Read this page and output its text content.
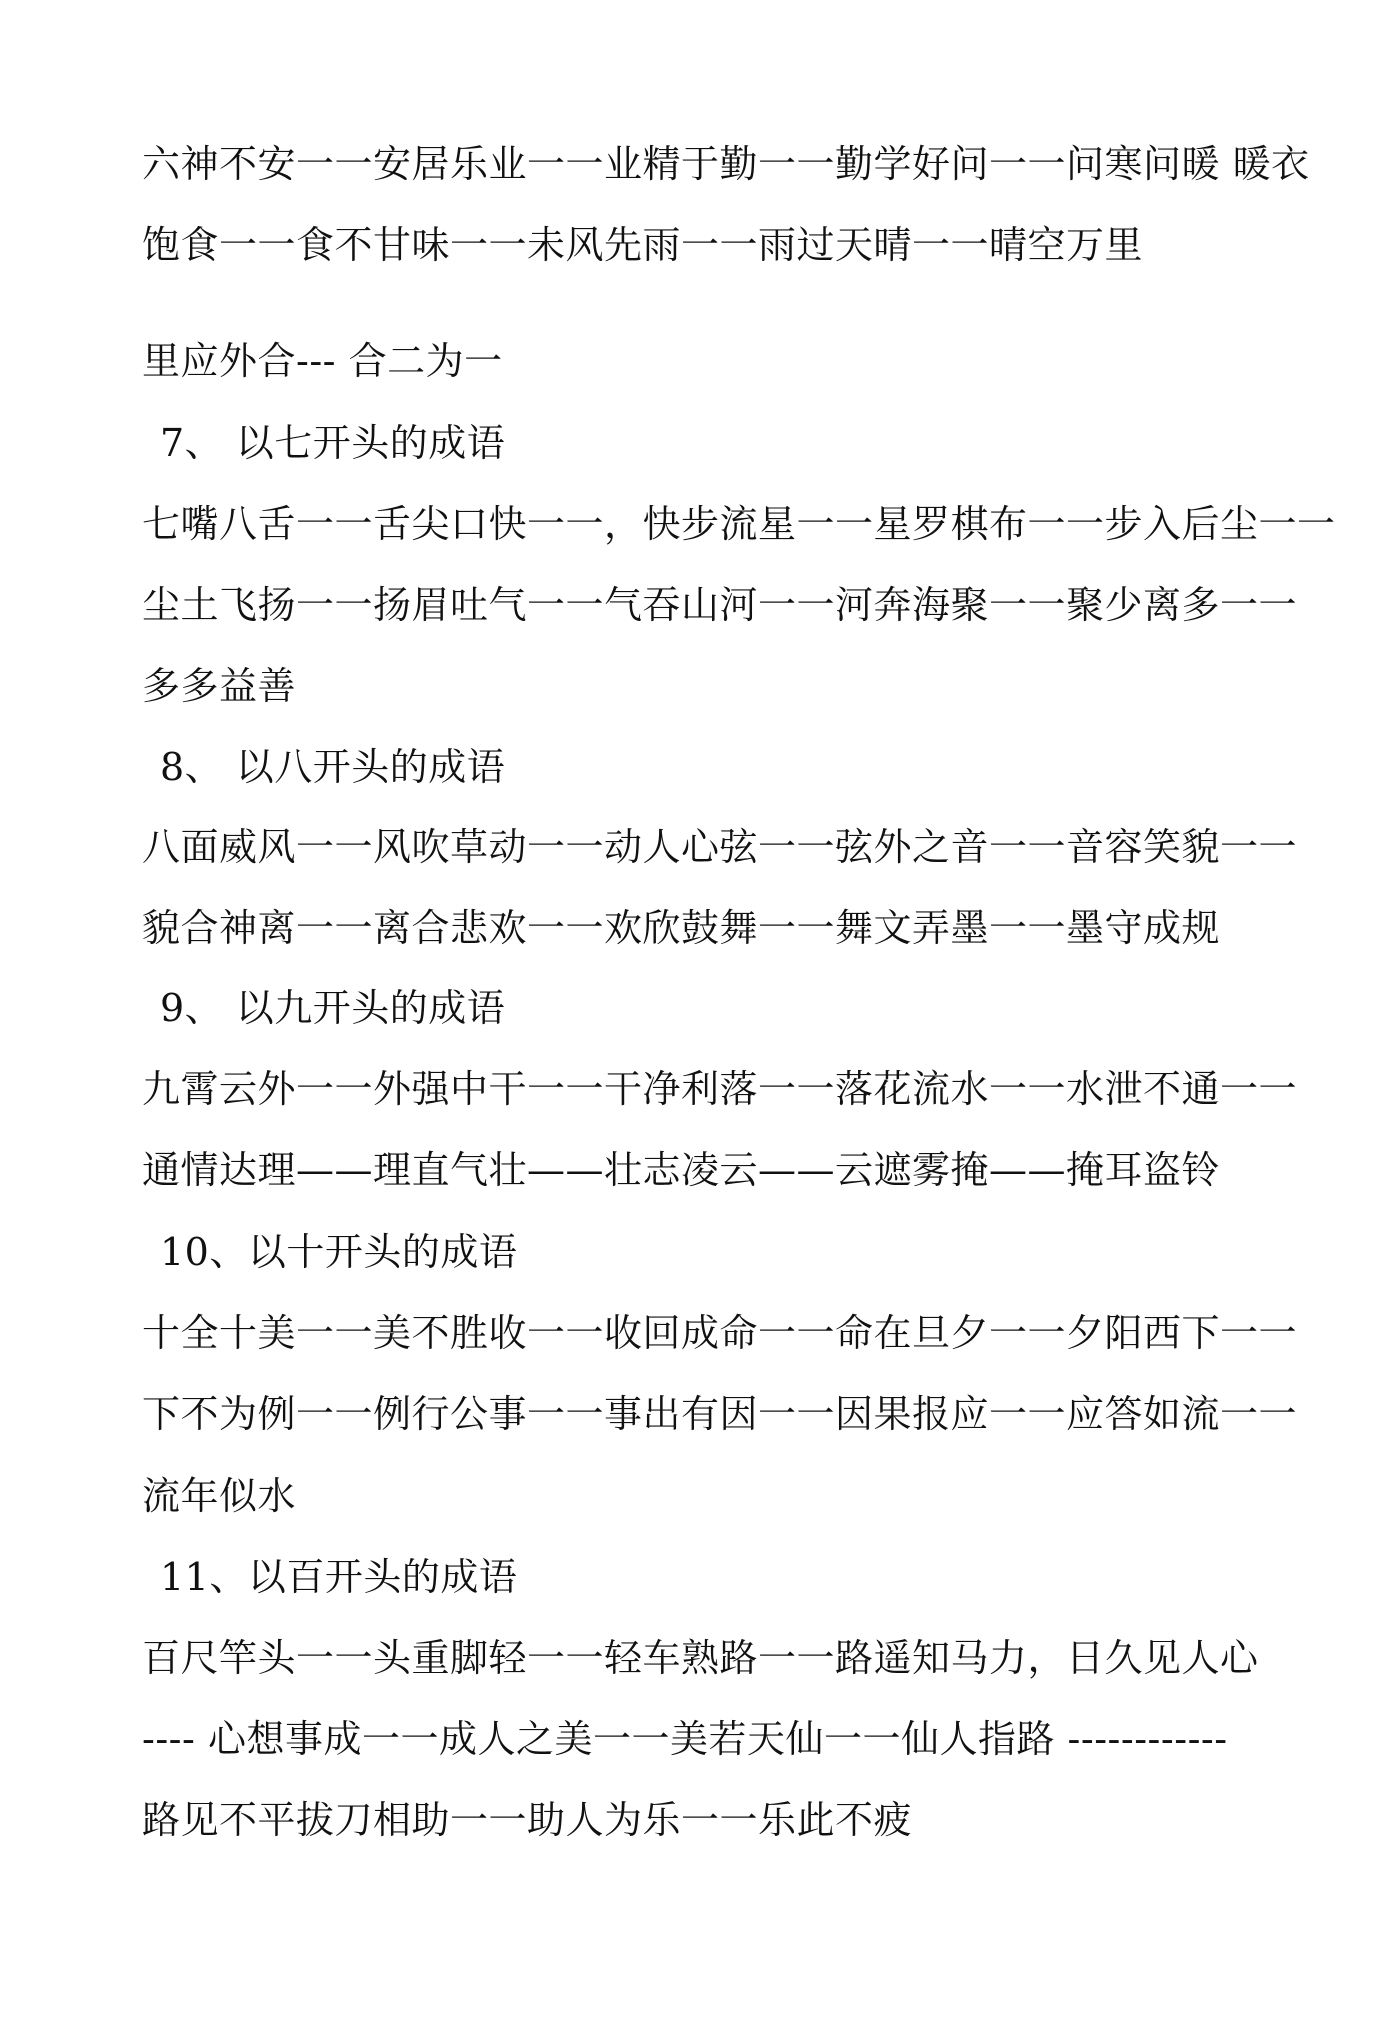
六神不安一一安居乐业一一业精于勤一一勤学好问一一问寒问暖 暖衣
饱食一一食不甘味一一未风先雨一一雨过天晴一一晴空万里
里应外合--- 合二为一
7、 以七开头的成语
七嘴八舌一一舌尖口快一一，快步流星一一星罗棋布一一步入后尘一一
尘土飞扬一一扬眉吐气一一气吞山河一一河奔海聚一一聚少离多一一
多多益善
8、 以八开头的成语
八面威风一一风吹草动一一动人心弦一一弦外之音一一音容笑貌一一
貌合神离一一离合悲欢一一欢欣鼓舞一一舞文弄墨一一墨守成规
9、 以九开头的成语
九霄云外一一外强中干一一干净利落一一落花流水一一水泄不通一一
通情达理——理直气壮——壮志凌云——云遮雾掩——掩耳盗铃
10、以十开头的成语
十全十美一一美不胜收一一收回成命一一命在旦夕一一夕阳西下一一
下不为例一一例行公事一一事出有因一一因果报应一一应答如流一一
流年似水
11、以百开头的成语
百尺竿头一一头重脚轻一一轻车熟路一一路遥知马力，日久见人心
---- 心想事成一一成人之美一一美若天仙一一仙人指路 ------------
路见不平拔刀相助一一助人为乐一一乐此不疲
